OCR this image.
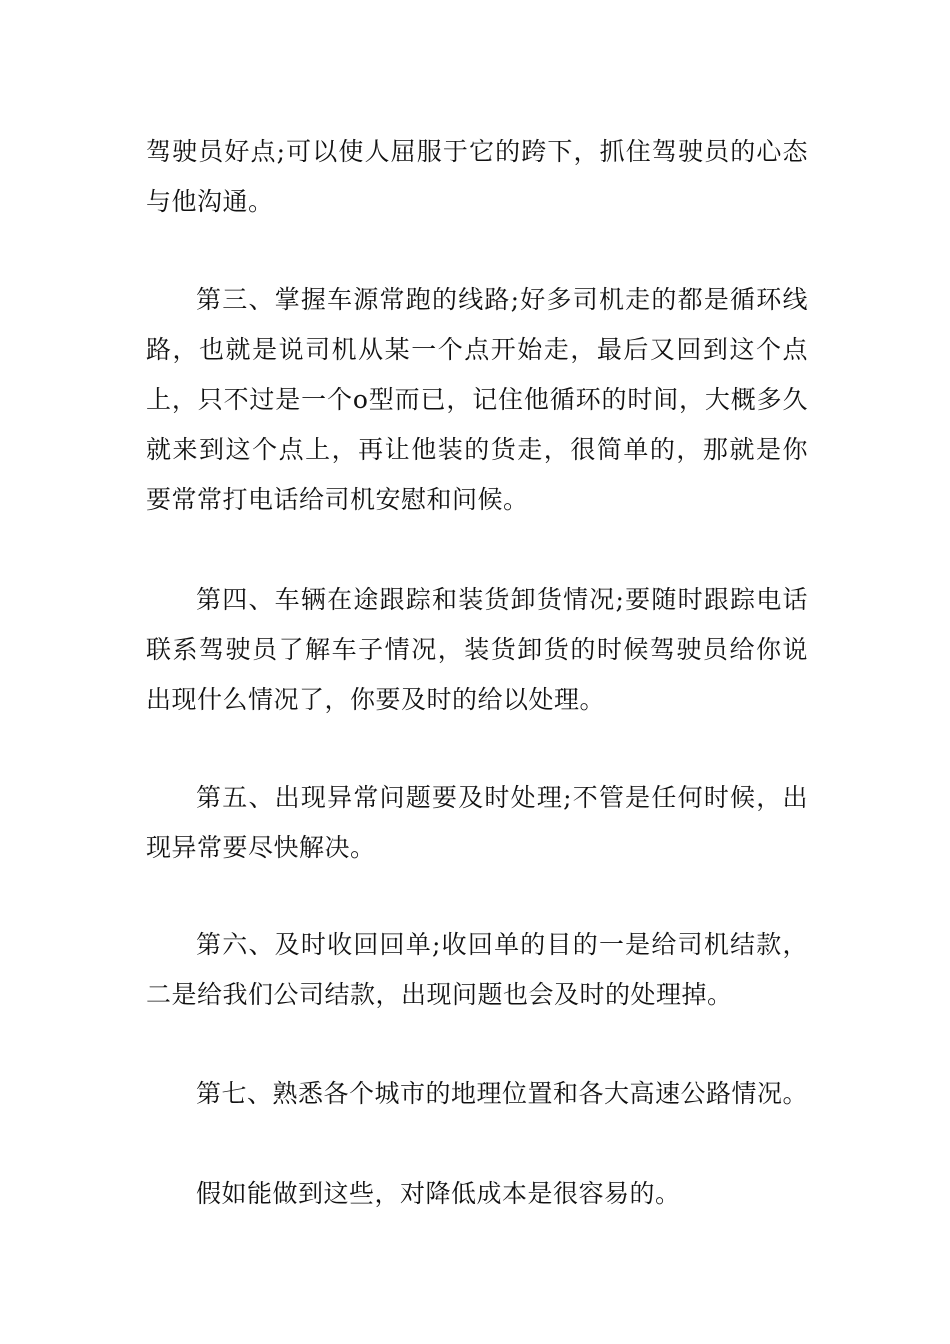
驾驶员好点;可以使人屈服于它的跨下，抓住驾驶员的心态
与他沟通。
第三、掌握车源常跑的线路;好多司机走的都是循环线
路，也就是说司机从某一个点开始走，最后又回到这个点
上，只不过是一个o型而已，记住他循环的时间，大概多久
就来到这个点上，再让他装的货走，很简单的，那就是你
要常常打电话给司机安慰和问候。
第四、车辆在途跟踪和装货卸货情况;要随时跟踪电话
联系驾驶员了解车子情况，装货卸货的时候驾驶员给你说
出现什么情况了，你要及时的给以处理。
第五、出现异常问题要及时处理;不管是任何时候，出
现异常要尽快解决。
第六、及时收回回单;收回单的目的一是给司机结款，
二是给我们公司结款，出现问题也会及时的处理掉。
第七、熟悉各个城市的地理位置和各大高速公路情况。
假如能做到这些，对降低成本是很容易的。
